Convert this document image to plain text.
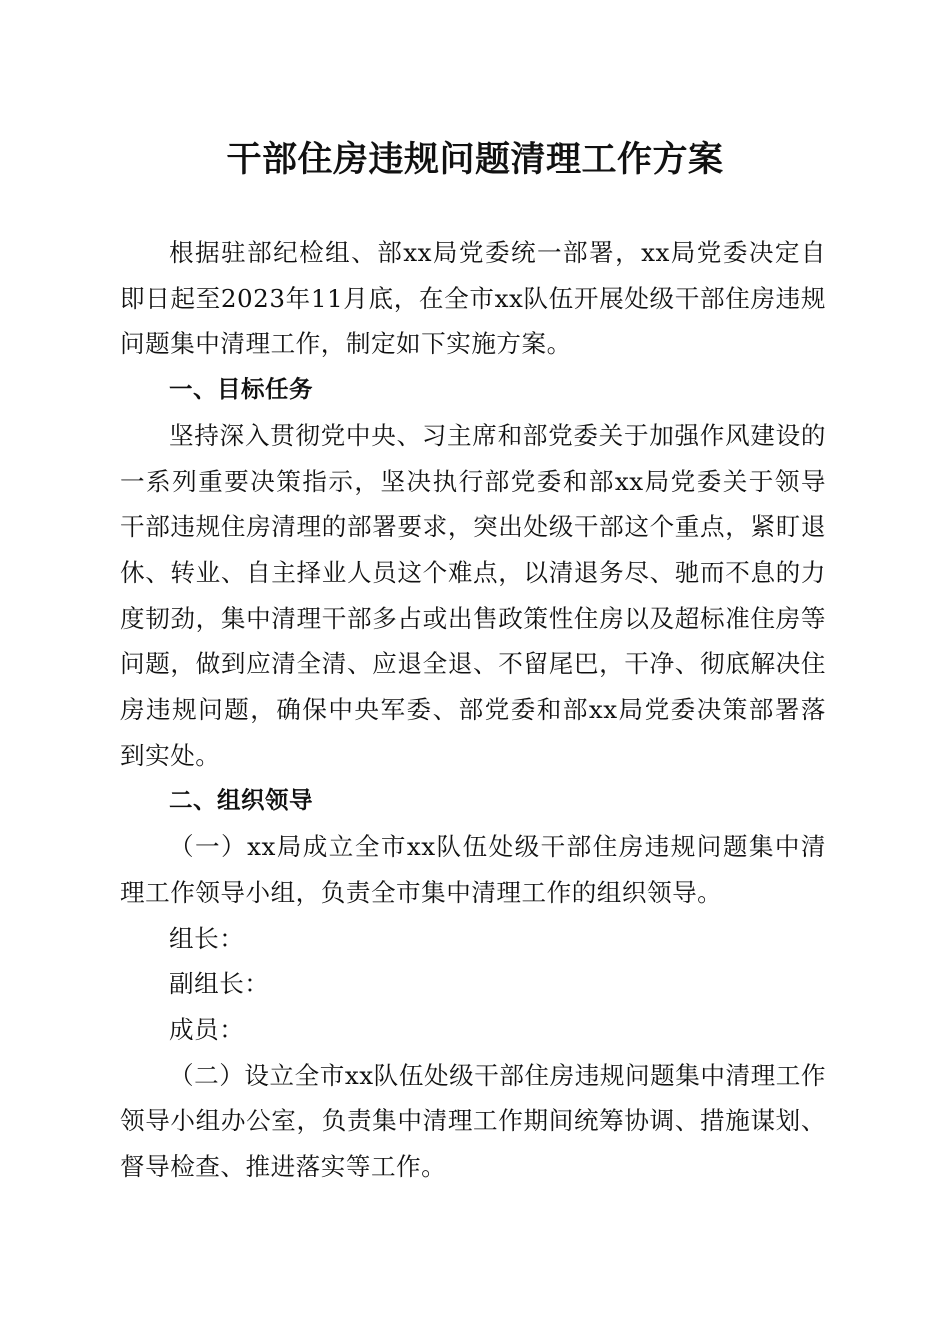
干部住房违规问题清理工作方案

根据驻部纪检组、部xx局党委统一部署，xx局党委决定自即日起至2023年11月底，在全市xx队伍开展处级干部住房违规问题集中清理工作，制定如下实施方案。

一、目标任务

坚持深入贯彻党中央、习主席和部党委关于加强作风建设的一系列重要决策指示，坚决执行部党委和部xx局党委关于领导干部违规住房清理的部署要求，突出处级干部这个重点，紧盯退休、转业、自主择业人员这个难点，以清退务尽、驰而不息的力度韧劲，集中清理干部多占或出售政策性住房以及超标准住房等问题，做到应清全清、应退全退、不留尾巴，干净、彻底解决住房违规问题，确保中央军委、部党委和部xx局党委决策部署落到实处。

二、组织领导

（一）xx局成立全市xx队伍处级干部住房违规问题集中清理工作领导小组，负责全市集中清理工作的组织领导。

组长：

副组长：

成员：

（二）设立全市xx队伍处级干部住房违规问题集中清理工作领导小组办公室，负责集中清理工作期间统筹协调、措施谋划、督导检查、推进落实等工作。
